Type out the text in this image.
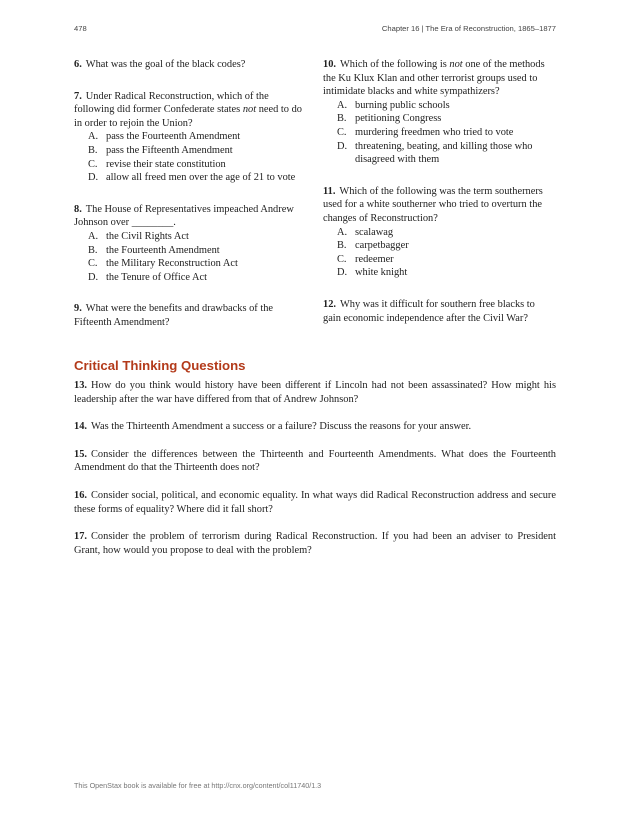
478	Chapter 16 | The Era of Reconstruction, 1865–1877

6. What was the goal of the black codes?

7. Under Radical Reconstruction, which of the following did former Confederate states not need to do in order to rejoin the Union?

A. pass the Fourteenth Amendment
B. pass the Fifteenth Amendment
C. revise their state constitution
D. allow all freed men over the age of 21 to vote

8. The House of Representatives impeached Andrew Johnson over ________.

A. the Civil Rights Act
B. the Fourteenth Amendment
C. the Military Reconstruction Act
D. the Tenure of Office Act

9. What were the benefits and drawbacks of the Fifteenth Amendment?

10. Which of the following is not one of the methods the Ku Klux Klan and other terrorist groups used to intimidate blacks and white sympathizers?

A. burning public schools
B. petitioning Congress
C. murdering freedmen who tried to vote
D. threatening, beating, and killing those who disagreed with them

11. Which of the following was the term southerners used for a white southerner who tried to overturn the changes of Reconstruction?

A. scalawag
B. carpetbagger
C. redeemer
D. white knight

12. Why was it difficult for southern free blacks to gain economic independence after the Civil War?

Critical Thinking Questions

13. How do you think would history have been different if Lincoln had not been assassinated? How might his leadership after the war have differed from that of Andrew Johnson?

14. Was the Thirteenth Amendment a success or a failure? Discuss the reasons for your answer.

15. Consider the differences between the Thirteenth and Fourteenth Amendments. What does the Fourteenth Amendment do that the Thirteenth does not?

16. Consider social, political, and economic equality. In what ways did Radical Reconstruction address and secure these forms of equality? Where did it fall short?

17. Consider the problem of terrorism during Radical Reconstruction. If you had been an adviser to President Grant, how would you propose to deal with the problem?

This OpenStax book is available for free at http://cnx.org/content/col11740/1.3
